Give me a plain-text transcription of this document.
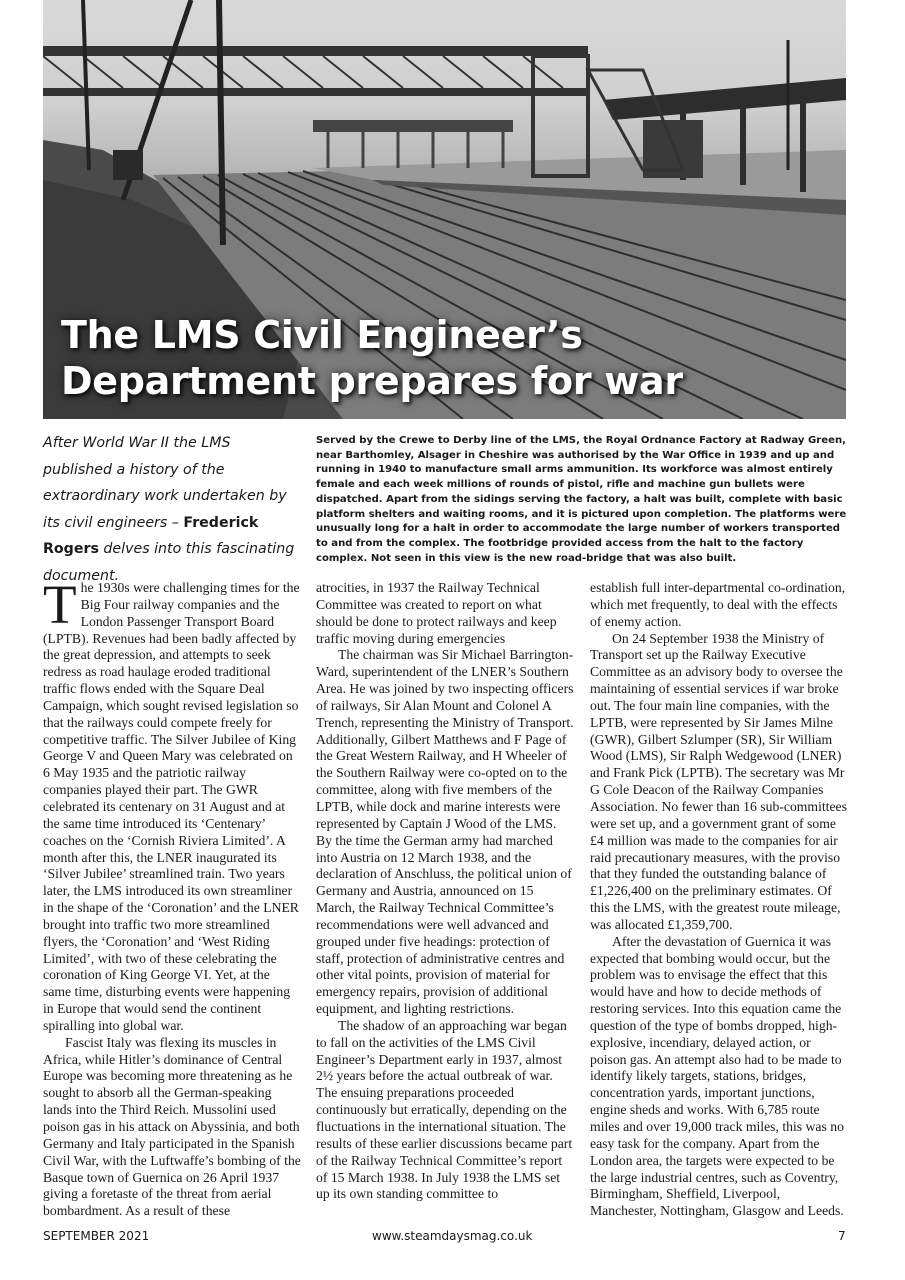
The LMS Civil Engineer’s Department prepares for war

After World War II the LMS published a history of the extraordinary work undertaken by its civil engineers – Frederick Rogers delves into this fascinating document.

Served by the Crewe to Derby line of the LMS, the Royal Ordnance Factory at Radway Green, near Barthomley, Alsager in Cheshire was authorised by the War Office in 1939 and up and running in 1940 to manufacture small arms ammunition. Its workforce was almost entirely female and each week millions of rounds of pistol, rifle and machine gun bullets were dispatched. Apart from the sidings serving the factory, a halt was built, complete with basic platform shelters and waiting rooms, and it is pictured upon completion. The platforms were unusually long for a halt in order to accommodate the large number of workers transported to and from the complex. The footbridge provided access from the halt to the factory complex. Not seen in this view is the new road-bridge that was also built.

The 1930s were challenging times for the Big Four railway companies and the London Passenger Transport Board (LPTB). Revenues had been badly affected by the great depression, and attempts to seek redress as road haulage eroded traditional traffic flows ended with the Square Deal Campaign, which sought revised legislation so that the railways could compete freely for competitive traffic. The Silver Jubilee of King George V and Queen Mary was celebrated on 6 May 1935 and the patriotic railway companies played their part. The GWR celebrated its centenary on 31 August and at the same time introduced its ‘Centenary’ coaches on the ‘Cornish Riviera Limited’. A month after this, the LNER inaugurated its ‘Silver Jubilee’ streamlined train. Two years later, the LMS introduced its own streamliner in the shape of the ‘Coronation’ and the LNER brought into traffic two more streamlined flyers, the ‘Coronation’ and ‘West Riding Limited’, with two of these celebrating the coronation of King George VI. Yet, at the same time, disturbing events were happening in Europe that would send the continent spiralling into global war.

Fascist Italy was flexing its muscles in Africa, while Hitler’s dominance of Central Europe was becoming more threatening as he sought to absorb all the German-speaking lands into the Third Reich. Mussolini used poison gas in his attack on Abyssinia, and both Germany and Italy participated in the Spanish Civil War, with the Luftwaffe’s bombing of the Basque town of Guernica on 26 April 1937 giving a foretaste of the threat from aerial bombardment. As a result of these

atrocities, in 1937 the Railway Technical Committee was created to report on what should be done to protect railways and keep traffic moving during emergencies

The chairman was Sir Michael Barrington-Ward, superintendent of the LNER’s Southern Area. He was joined by two inspecting officers of railways, Sir Alan Mount and Colonel A Trench, representing the Ministry of Transport. Additionally, Gilbert Matthews and F Page of the Great Western Railway, and H Wheeler of the Southern Railway were co-opted on to the committee, along with five members of the LPTB, while dock and marine interests were represented by Captain J Wood of the LMS. By the time the German army had marched into Austria on 12 March 1938, and the declaration of Anschluss, the political union of Germany and Austria, announced on 15 March, the Railway Technical Committee’s recommendations were well advanced and grouped under five headings: protection of staff, protection of administrative centres and other vital points, provision of material for emergency repairs, provision of additional equipment, and lighting restrictions.

The shadow of an approaching war began to fall on the activities of the LMS Civil Engineer’s Department early in 1937, almost 2½ years before the actual outbreak of war. The ensuing preparations proceeded continuously but erratically, depending on the fluctuations in the international situation. The results of these earlier discussions became part of the Railway Technical Committee’s report of 15 March 1938. In July 1938 the LMS set up its own standing committee to

establish full inter-departmental co-ordination, which met frequently, to deal with the effects of enemy action.

On 24 September 1938 the Ministry of Transport set up the Railway Executive Committee as an advisory body to oversee the maintaining of essential services if war broke out. The four main line companies, with the LPTB, were represented by Sir James Milne (GWR), Gilbert Szlumper (SR), Sir William Wood (LMS), Sir Ralph Wedgewood (LNER) and Frank Pick (LPTB). The secretary was Mr G Cole Deacon of the Railway Companies Association. No fewer than 16 sub-committees were set up, and a government grant of some £4 million was made to the companies for air raid precautionary measures, with the proviso that they funded the outstanding balance of £1,226,400 on the preliminary estimates. Of this the LMS, with the greatest route mileage, was allocated £1,359,700.

After the devastation of Guernica it was expected that bombing would occur, but the problem was to envisage the effect that this would have and how to decide methods of restoring services. Into this equation came the question of the type of bombs dropped, high-explosive, incendiary, delayed action, or poison gas. An attempt also had to be made to identify likely targets, stations, bridges, concentration yards, important junctions, engine sheds and works. With 6,785 route miles and over 19,000 track miles, this was no easy task for the company. Apart from the London area, the targets were expected to be the large industrial centres, such as Coventry, Birmingham, Sheffield, Liverpool, Manchester, Nottingham, Glasgow and Leeds.

SEPTEMBER 2021	www.steamdaysmag.co.uk	7
